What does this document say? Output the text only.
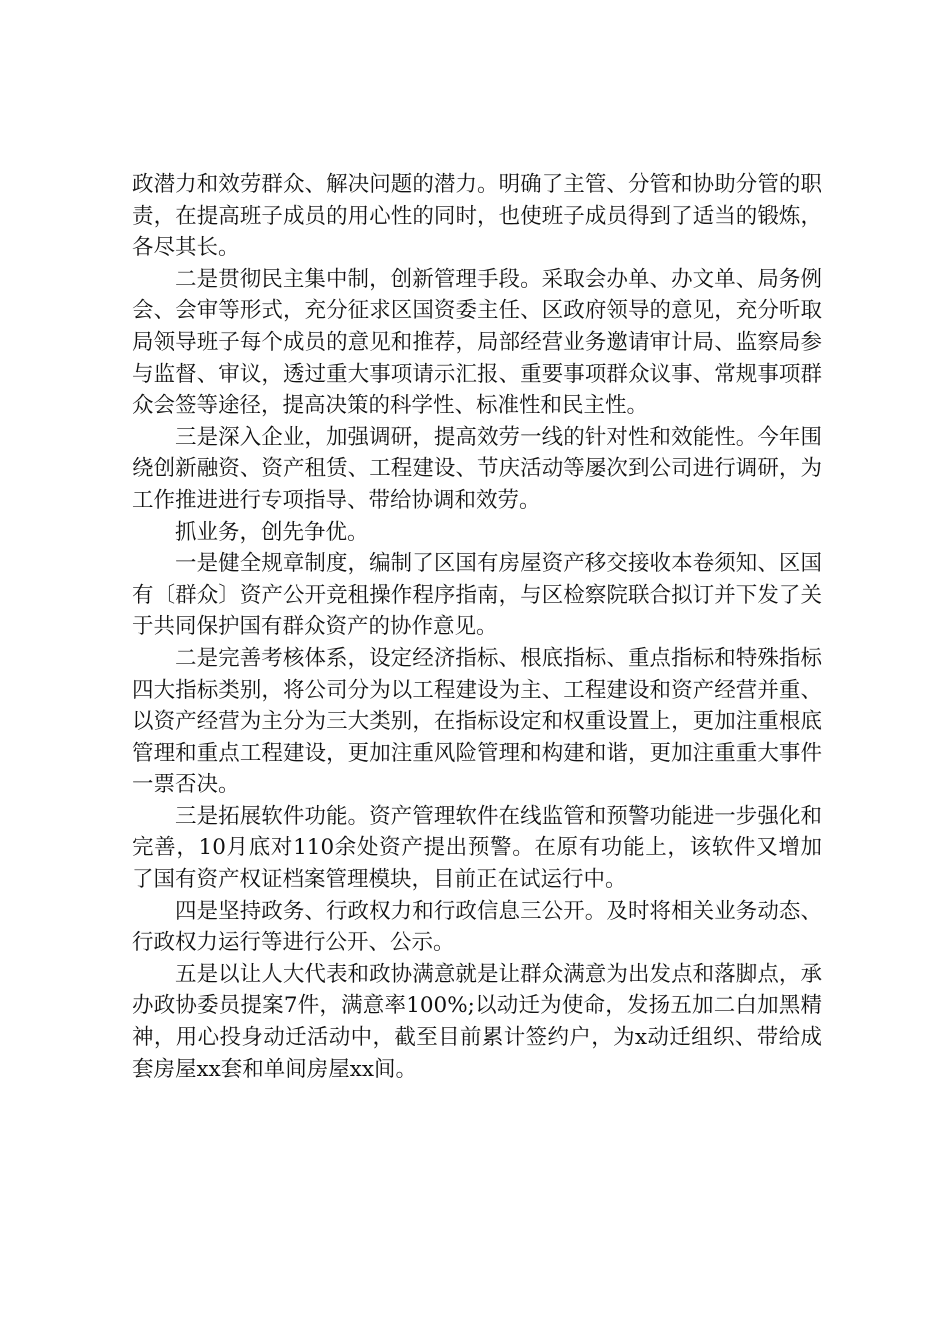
政潜力和效劳群众、解决问题的潜力。明确了主管、分管和协助分管的职责，在提高班子成员的用心性的同时，也使班子成员得到了适当的锻炼，各尽其长。

二是贯彻民主集中制，创新管理手段。采取会办单、办文单、局务例会、会审等形式，充分征求区国资委主任、区政府领导的意见，充分听取局领导班子每个成员的意见和推荐，局部经营业务邀请审计局、监察局参与监督、审议，透过重大事项请示汇报、重要事项群众议事、常规事项群众会签等途径，提高决策的科学性、标准性和民主性。

三是深入企业，加强调研，提高效劳一线的针对性和效能性。今年围绕创新融资、资产租赁、工程建设、节庆活动等屡次到公司进行调研，为工作推进进行专项指导、带给协调和效劳。

抓业务，创先争优。

一是健全规章制度，编制了区国有房屋资产移交接收本卷须知、区国有〔群众〕资产公开竞租操作程序指南，与区检察院联合拟订并下发了关于共同保护国有群众资产的协作意见。

二是完善考核体系，设定经济指标、根底指标、重点指标和特殊指标四大指标类别，将公司分为以工程建设为主、工程建设和资产经营并重、以资产经营为主分为三大类别，在指标设定和权重设置上，更加注重根底管理和重点工程建设，更加注重风险管理和构建和谐，更加注重重大事件一票否决。

三是拓展软件功能。资产管理软件在线监管和预警功能进一步强化和完善，10月底对110余处资产提出预警。在原有功能上，该软件又增加了国有资产权证档案管理模块，目前正在试运行中。

四是坚持政务、行政权力和行政信息三公开。及时将相关业务动态、行政权力运行等进行公开、公示。

五是以让人大代表和政协满意就是让群众满意为出发点和落脚点，承办政协委员提案7件，满意率100%;以动迁为使命，发扬五加二白加黑精神，用心投身动迁活动中，截至目前累计签约户，为x动迁组织、带给成套房屋xx套和单间房屋xx间。
